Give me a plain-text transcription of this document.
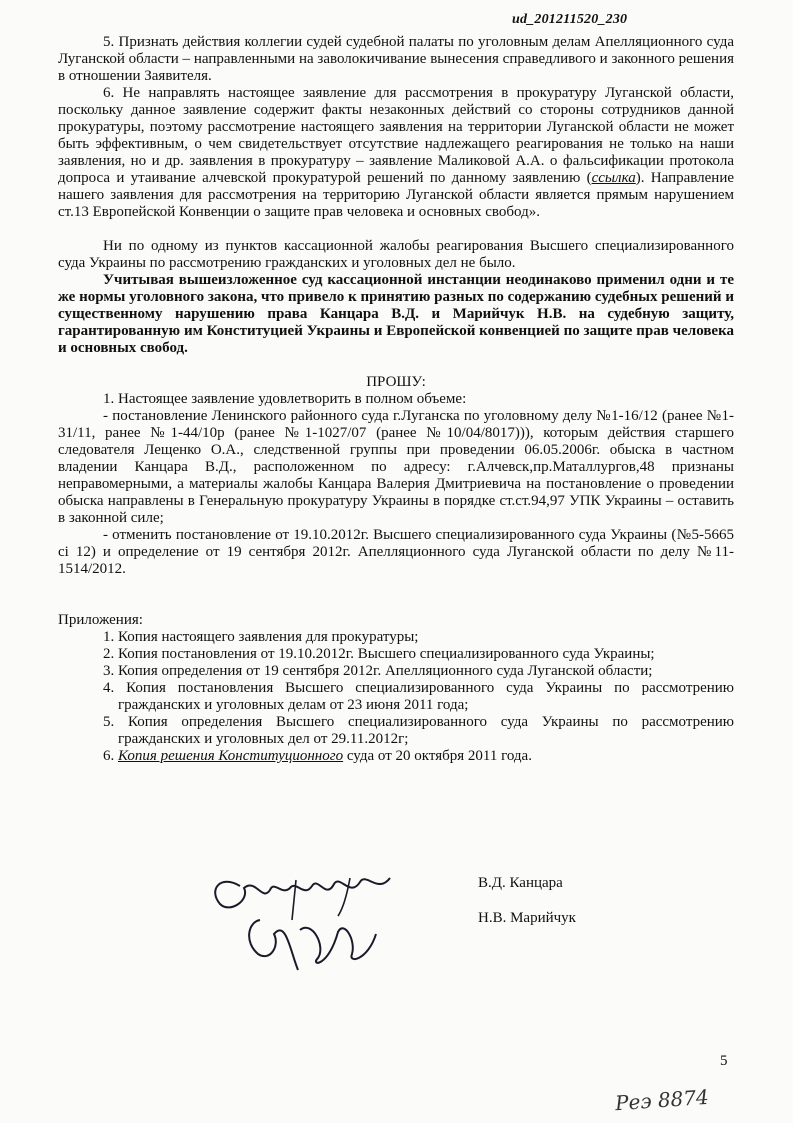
ud_201211520_230

5. Признать действия коллегии судей судебной палаты по уголовным делам Апелляционного суда Луганской области – направленными на заволокичивание вынесения справедливого и законного решения в отношении Заявителя.

6. Не направлять настоящее заявление для рассмотрения в прокуратуру Луганской области, поскольку данное заявление содержит факты незаконных действий со стороны сотрудников данной прокуратуры, поэтому рассмотрение настоящего заявления на территории Луганской области не может быть эффективным, о чем свидетельствует отсутствие надлежащего реагирования не только на наши заявления, но и др. заявления в прокуратуру – заявление Маликовой А.А. о фальсификации протокола допроса и утаивание алчевской прокуратурой решений по данному заявлению (ссылка). Направление нашего заявления для рассмотрения на территорию Луганской области является прямым нарушением ст.13 Европейской Конвенции о защите прав человека и основных свобод».

Ни по одному из пунктов кассационной жалобы реагирования Высшего специализированного суда Украины по рассмотрению гражданских и уголовных дел не было.

Учитывая вышеизложенное суд кассационной инстанции неодинаково применил одни и те же нормы уголовного закона, что привело к принятию разных по содержанию судебных решений и существенному нарушению права Канцара В.Д. и Марийчук Н.В. на судебную защиту, гарантированную им Конституцией Украины и Европейской конвенцией по защите прав человека и основных свобод.

ПРОШУ:

1. Настоящее заявление удовлетворить в полном объеме:

- постановление Ленинского районного суда г.Луганска по уголовному делу №1-16/12 (ранее №1-31/11, ранее №1-44/10р (ранее №1-1027/07 (ранее №10/04/8017))), которым действия старшего следователя Лещенко О.А., следственной группы при проведении 06.05.2006г. обыска в частном владении Канцара В.Д., расположенном по адресу: г.Алчевск,пр.Маталлургов,48 признаны неправомерными, а материалы жалобы Канцара Валерия Дмитриевича на постановление о проведении обыска направлены в Генеральную прокуратуру Украины в порядке ст.ст.94,97 УПК Украины – оставить в законной силе;

- отменить постановление от 19.10.2012г. Высшего специализированного суда Украины (№5-5665 сі 12) и определение от 19 сентября 2012г. Апелляционного суда Луганской области по делу №11-1514/2012.

Приложения:

1. Копия настоящего заявления для прокуратуры;

2. Копия постановления от 19.10.2012г. Высшего специализированного суда Украины;

3. Копия определения от 19 сентября 2012г. Апелляционного суда Луганской области;

4. Копия постановления Высшего специализированного суда Украины по рассмотрению гражданских и уголовных делам от 23 июня 2011 года;

5. Копия определения Высшего специализированного суда Украины по рассмотрению гражданских и уголовных дел от 29.11.2012г;

6. Копия решения Конституционного суда от 20 октября 2011 года.

В.Д. Канцара
Н.В. Марийчук
5
Реэ 8874
